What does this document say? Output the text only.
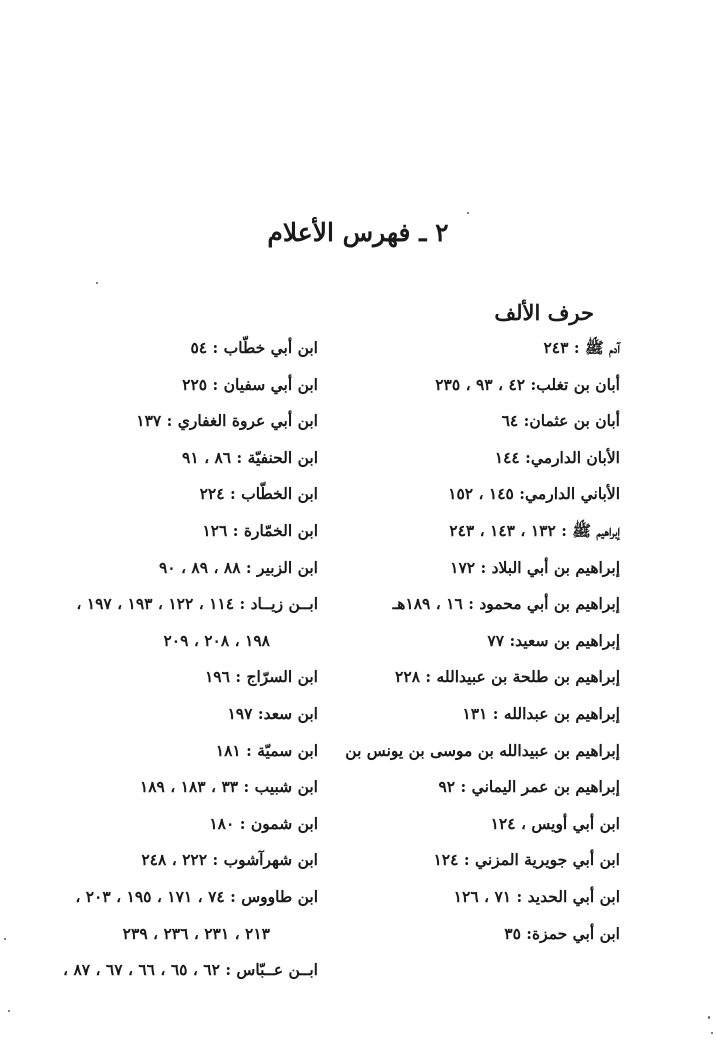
٢ ـ فهرس الأعلام
حرف الألف
آدم ﷺ : ٢٤٣
أبان بن تغلب: ٤٢ ، ٩٣ ، ٢٣٥
أبان بن عثمان: ٦٤
الأبان الدارمي: ١٤٤
الأباني الدارمي: ١٤٥ ، ١٥٢
إبراهيم ﷺ : ١٣٢ ، ١٤٣ ، ٢٤٣
إبراهيم بن أبي البلاد : ١٧٢
إبراهيم بن أبي محمود : ١٦ ، ١٨٩هـ
إبراهيم بن سعيد: ٧٧
إبراهيم بن طلحة بن عبيدالله : ٢٢٨
إبراهيم بن عبدالله : ١٣١
إبراهيم بن عبيدالله بن موسى بن يونس بن
إبراهيم بن عمر اليماني : ٩٢
ابن أبي أويس ، ١٢٤
ابن أبي جويرية المزني : ١٢٤
ابن أبي الحديد : ٧١ ، ١٢٦
ابن أبي حمزة: ٣٥
ابن أبي خطّاب : ٥٤
ابن أبي سفيان : ٢٢٥
ابن أبي عروة الغفاري : ١٣٧
ابن الحنفيّة : ٨٦ ، ٩١
ابن الخطّاب : ٢٢٤
ابن الخمّارة : ١٢٦
ابن الزبير : ٨٨ ، ٨٩ ، ٩٠
ابــن زيــاد : ١١٤ ، ١٢٢ ، ١٩٣ ، ١٩٧ ،
١٩٨ ، ٢٠٨ ، ٢٠٩
ابن السرّاج : ١٩٦
ابن سعد: ١٩٧
ابن سميّة : ١٨١
ابن شبيب : ٣٣ ، ١٨٣ ، ١٨٩
ابن شمون : ١٨٠
ابن شهرآشوب : ٢٢٢ ، ٢٤٨
ابن طاووس : ٧٤ ، ١٧١ ، ١٩٥ ، ٢٠٣ ،
٢١٣ ، ٢٣١ ، ٢٣٦ ، ٢٣٩
ابــن عــبّاس : ٦٢ ، ٦٥ ، ٦٦ ، ٦٧ ، ٨٧ ،
